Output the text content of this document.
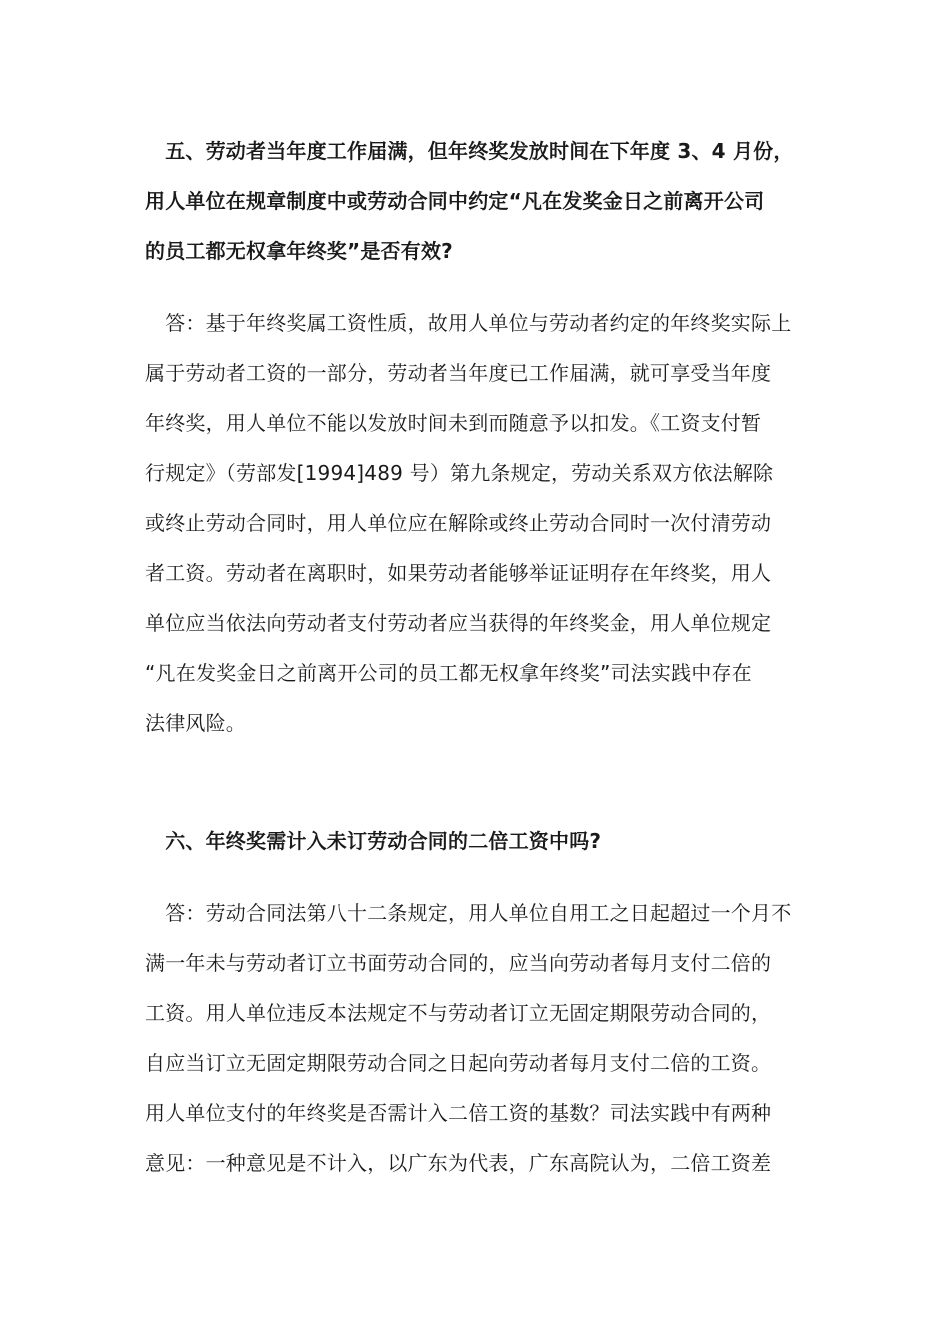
　五、劳动者当年度工作届满，但年终奖发放时间在下年度 3、4 月份，
用人单位在规章制度中或劳动合同中约定“凡在发奖金日之前离开公司
的员工都无权拿年终奖”是否有效?
　答：基于年终奖属工资性质，故用人单位与劳动者约定的年终奖实际上
属于劳动者工资的一部分，劳动者当年度已工作届满，就可享受当年度
年终奖，用人单位不能以发放时间未到而随意予以扣发。《工资支付暂
行规定》（劳部发[1994]489 号）第九条规定，劳动关系双方依法解除
或终止劳动合同时，用人单位应在解除或终止劳动合同时一次付清劳动
者工资。劳动者在离职时，如果劳动者能够举证证明存在年终奖，用人
单位应当依法向劳动者支付劳动者应当获得的年终奖金，用人单位规定
“凡在发奖金日之前离开公司的员工都无权拿年终奖”司法实践中存在
法律风险。
　六、年终奖需计入未订劳动合同的二倍工资中吗?
　答：劳动合同法第八十二条规定，用人单位自用工之日起超过一个月不
满一年未与劳动者订立书面劳动合同的，应当向劳动者每月支付二倍的
工资。用人单位违反本法规定不与劳动者订立无固定期限劳动合同的，
自应当订立无固定期限劳动合同之日起向劳动者每月支付二倍的工资。
用人单位支付的年终奖是否需计入二倍工资的基数？司法实践中有两种
意见：一种意见是不计入，以广东为代表，广东高院认为，二倍工资差
